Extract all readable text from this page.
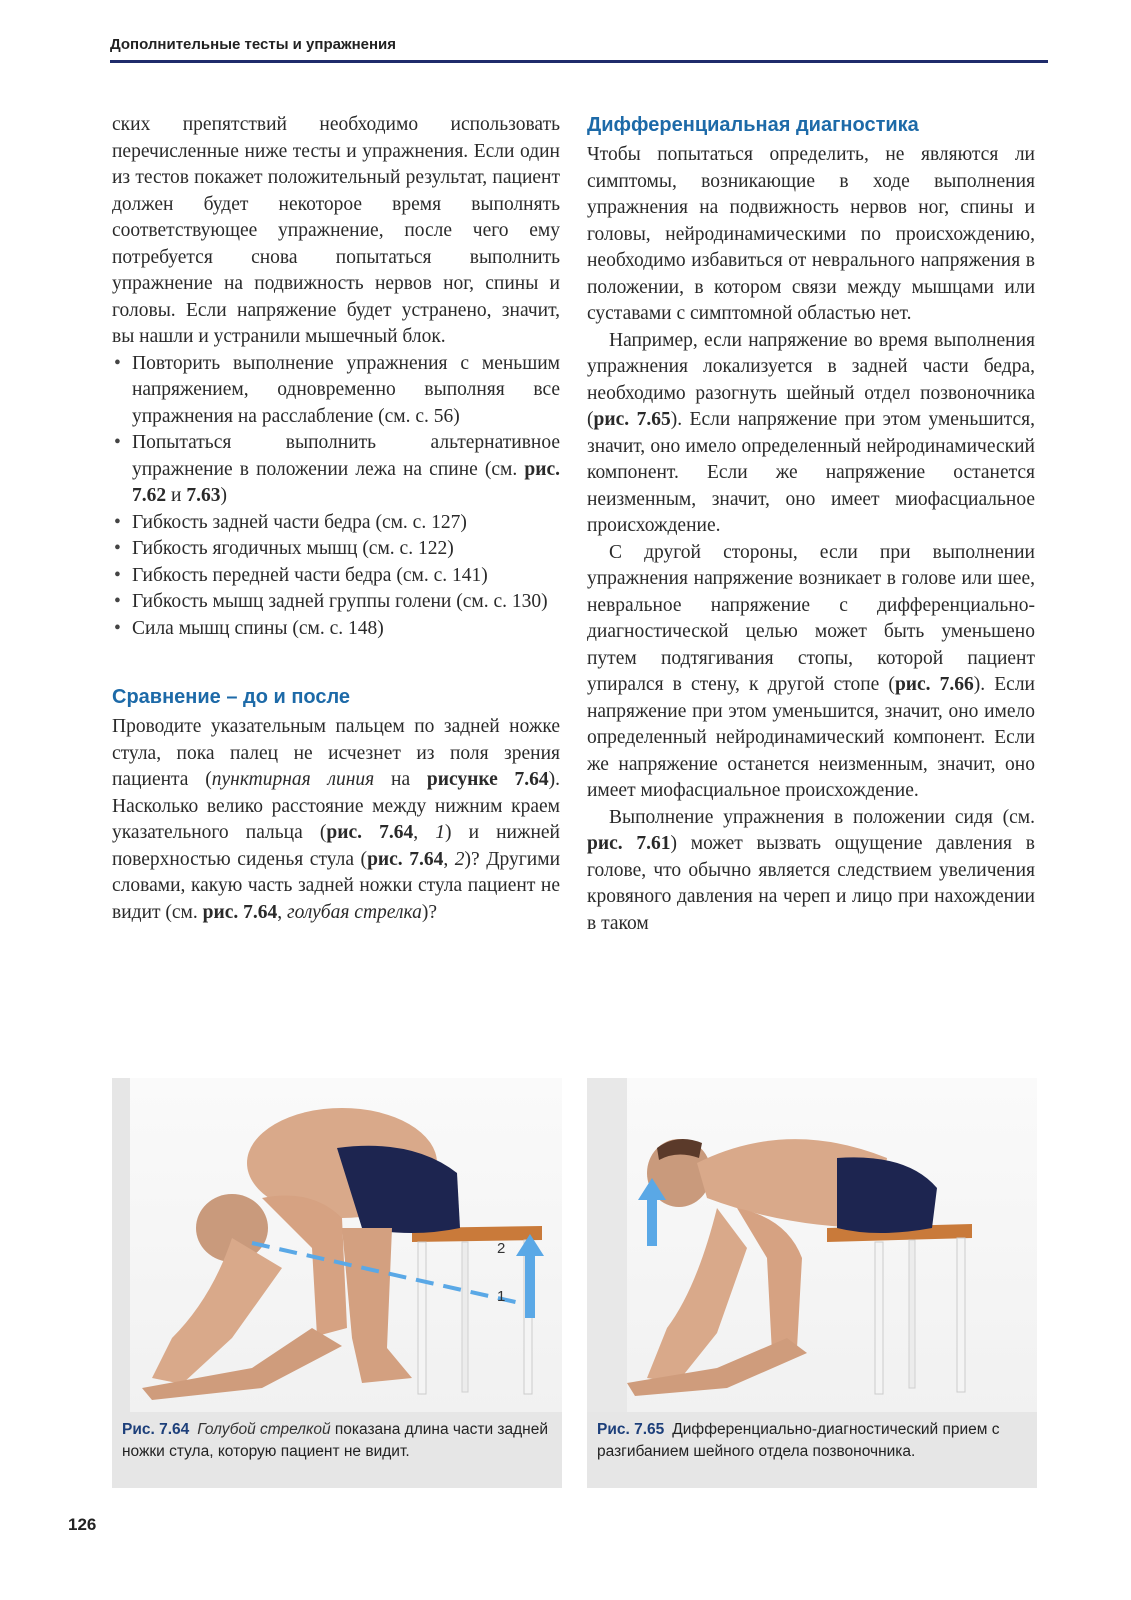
Дополнительные тесты и упражнения

ских препятствий необходимо использовать перечисленные ниже тесты и упражнения. Если один из тестов покажет положительный результат, пациент должен будет некоторое время выполнять соответствующее упражнение, после чего ему потребуется снова попытаться выполнить упражнение на подвижность нервов ног, спины и головы. Если напряжение будет устранено, значит, вы нашли и устранили мышечный блок.

• Повторить выполнение упражнения с меньшим напряжением, одновременно выполняя все упражнения на расслабление (см. с. 56)
• Попытаться выполнить альтернативное упражнение в положении лежа на спине (см. рис. 7.62 и 7.63)
• Гибкость задней части бедра (см. с. 127)
• Гибкость ягодичных мышц (см. с. 122)
• Гибкость передней части бедра (см. с. 141)
• Гибкость мышц задней группы голени (см. с. 130)
• Сила мышц спины (см. с. 148)
Сравнение – до и после

Проводите указательным пальцем по задней ножке стула, пока палец не исчезнет из поля зрения пациента (пунктирная линия на рисунке 7.64). Насколько велико расстояние между нижним краем указательного пальца (рис. 7.64, 1) и нижней поверхностью сиденья стула (рис. 7.64, 2)? Другими словами, какую часть задней ножки стула пациент не видит (см. рис. 7.64, голубая стрелка)?

Дифференциальная диагностика

Чтобы попытаться определить, не являются ли симптомы, возникающие в ходе выполнения упражнения на подвижность нервов ног, спины и головы, нейродинамическими по происхождению, необходимо избавиться от неврального напряжения в положении, в котором связи между мышцами или суставами с симптомной областью нет.

Например, если напряжение во время выполнения упражнения локализуется в задней части бедра, необходимо разогнуть шейный отдел позвоночника (рис. 7.65). Если напряжение при этом уменьшится, значит, оно имело определенный нейродинамический компонент. Если же напряжение останется неизменным, значит, оно имеет миофасциальное происхождение.

С другой стороны, если при выполнении упражнения напряжение возникает в голове или шее, невральное напряжение с дифференциально-диагностической целью может быть уменьшено путем подтягивания стопы, которой пациент упирался в стену, к другой стопе (рис. 7.66). Если напряжение при этом уменьшится, значит, оно имело определенный нейродинамический компонент. Если же напряжение останется неизменным, значит, оно имеет миофасциальное происхождение.

Выполнение упражнения в положении сидя (см. рис. 7.61) может вызвать ощущение давления в голове, что обычно является следствием увеличения кровяного давления на череп и лицо при нахождении в таком

2
1
Рис. 7.64 Голубой стрелкой показана длина части задней ножки стула, которую пациент не видит.
Рис. 7.65 Дифференциально-диагностический прием с разгибанием шейного отдела позвоночника.
126
